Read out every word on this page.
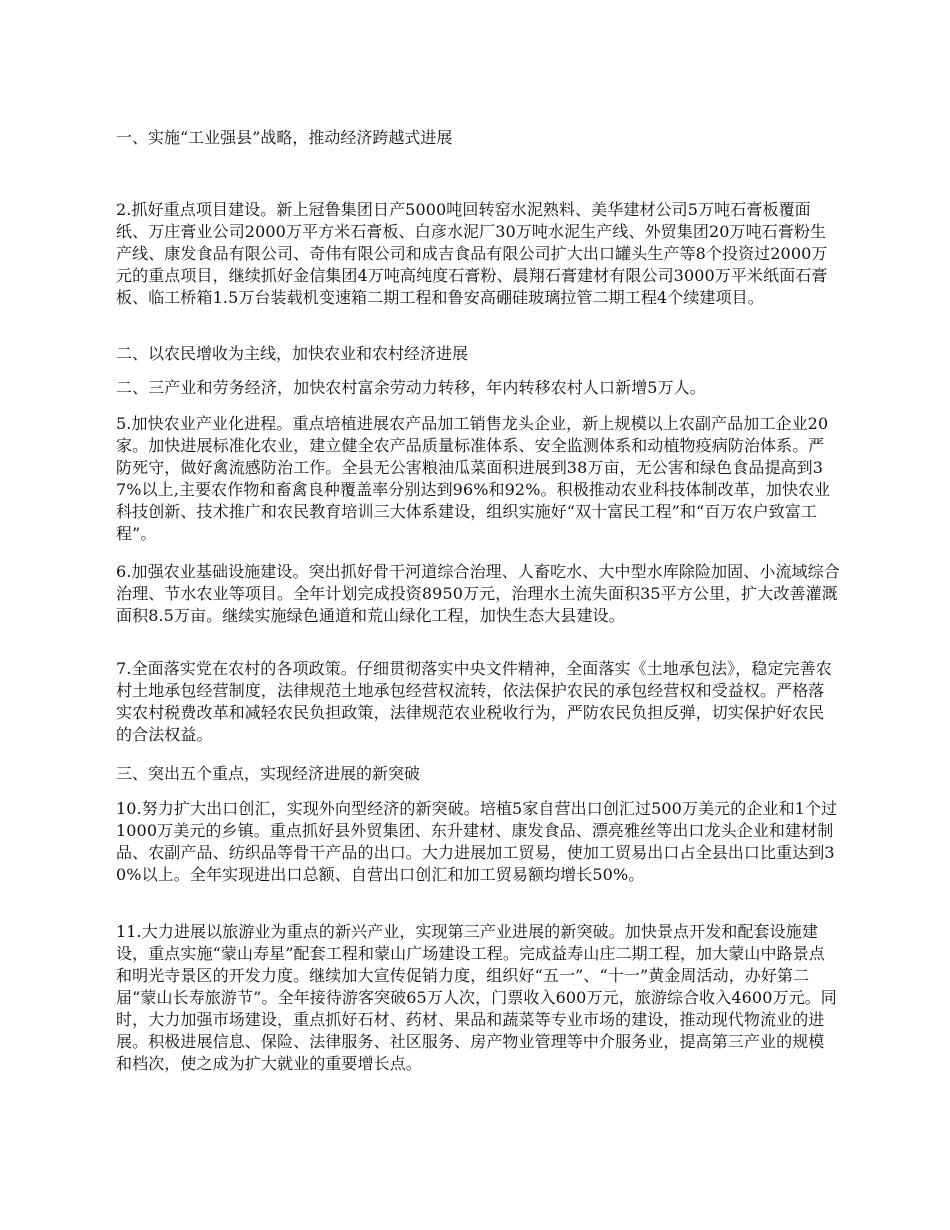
一、实施“工业强县”战略，推动经济跨越式进展

2.抓好重点项目建设。新上冠鲁集团日产5000吨回转窑水泥熟料、美华建材公司5万吨石膏板覆面纸、万庄膏业公司2000万平方米石膏板、白彦水泥厂30万吨水泥生产线、外贸集团20万吨石膏粉生产线、康发食品有限公司、奇伟有限公司和成吉食品有限公司扩大出口罐头生产等8个投资过2000万元的重点项目，继续抓好金信集团4万吨高纯度石膏粉、晨翔石膏建材有限公司3000万平米纸面石膏板、临工桥箱1.5万台装载机变速箱二期工程和鲁安高硼硅玻璃拉管二期工程4个续建项目。

二、以农民增收为主线，加快农业和农村经济进展

二、三产业和劳务经济，加快农村富余劳动力转移，年内转移农村人口新增5万人。

5.加快农业产业化进程。重点培植进展农产品加工销售龙头企业，新上规模以上农副产品加工企业20家。加快进展标准化农业，建立健全农产品质量标准体系、安全监测体系和动植物疫病防治体系。严防死守，做好禽流感防治工作。全县无公害粮油瓜菜面积进展到38万亩，无公害和绿色食品提高到37%以上,主要农作物和畜禽良种覆盖率分别达到96%和92%。积极推动农业科技体制改革，加快农业科技创新、技术推广和农民教育培训三大体系建设，组织实施好“双十富民工程”和“百万农户致富工程”。

6.加强农业基础设施建设。突出抓好骨干河道综合治理、人畜吃水、大中型水库除险加固、小流域综合治理、节水农业等项目。全年计划完成投资8950万元，治理水土流失面积35平方公里，扩大改善灌溉面积8.5万亩。继续实施绿色通道和荒山绿化工程，加快生态大县建设。

7.全面落实党在农村的各项政策。仔细贯彻落实中央文件精神，全面落实《土地承包法》，稳定完善农村土地承包经营制度，法律规范土地承包经营权流转，依法保护农民的承包经营权和受益权。严格落实农村税费改革和减轻农民负担政策，法律规范农业税收行为，严防农民负担反弹，切实保护好农民的合法权益。

三、突出五个重点，实现经济进展的新突破

10.努力扩大出口创汇，实现外向型经济的新突破。培植5家自营出口创汇过500万美元的企业和1个过1000万美元的乡镇。重点抓好县外贸集团、东升建材、康发食品、漂亮雅丝等出口龙头企业和建材制品、农副产品、纺织品等骨干产品的出口。大力进展加工贸易，使加工贸易出口占全县出口比重达到30%以上。全年实现进出口总额、自营出口创汇和加工贸易额均增长50%。

11.大力进展以旅游业为重点的新兴产业，实现第三产业进展的新突破。加快景点开发和配套设施建设，重点实施“蒙山寿星”配套工程和蒙山广场建设工程。完成益寿山庄二期工程，加大蒙山中路景点和明光寺景区的开发力度。继续加大宣传促销力度，组织好“五一”、“十一”黄金周活动，办好第二届“蒙山长寿旅游节”。全年接待游客突破65万人次，门票收入600万元，旅游综合收入4600万元。同时，大力加强市场建设，重点抓好石材、药材、果品和蔬菜等专业市场的建设，推动现代物流业的进展。积极进展信息、保险、法律服务、社区服务、房产物业管理等中介服务业，提高第三产业的规模和档次，使之成为扩大就业的重要增长点。
